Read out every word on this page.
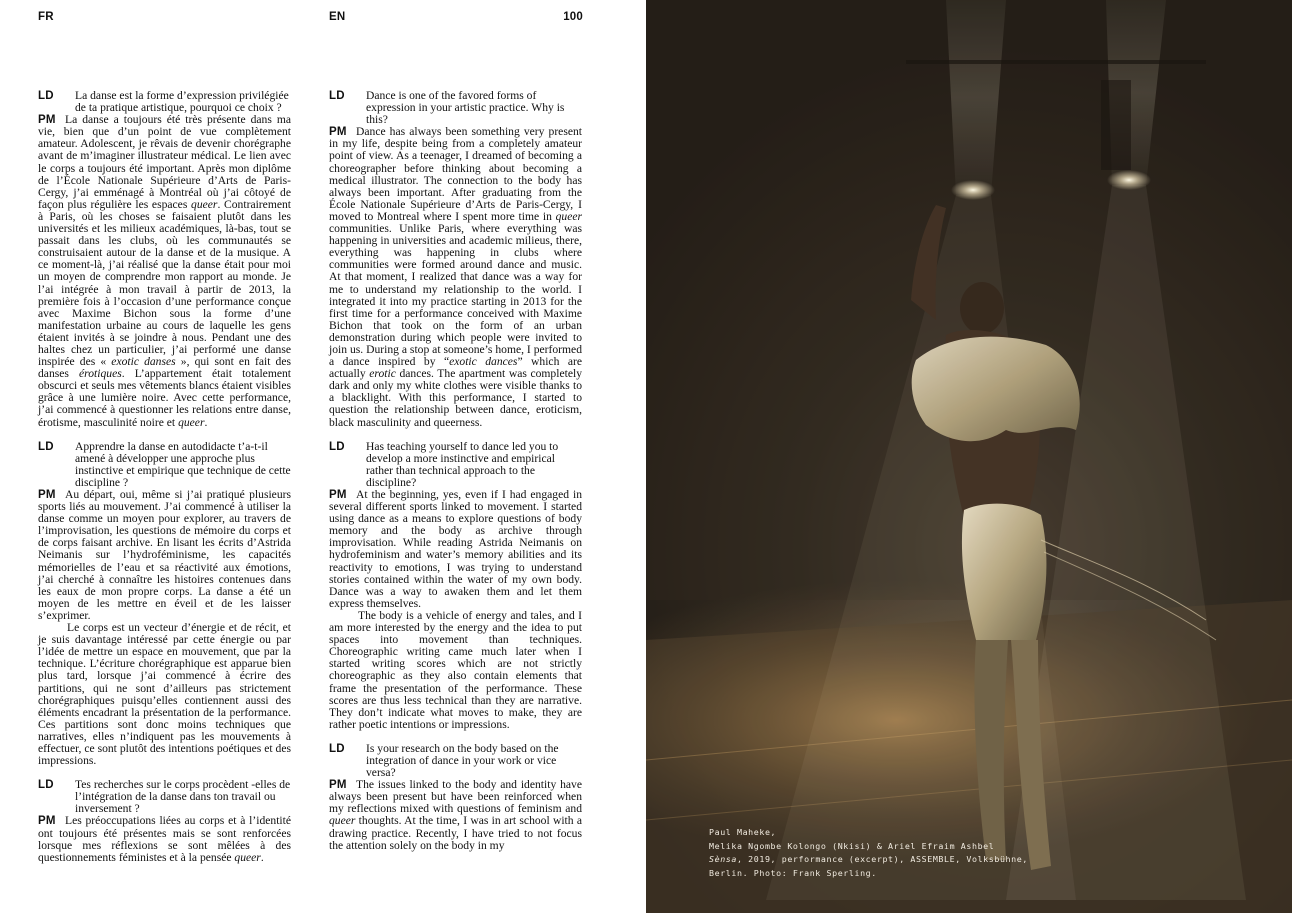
FR	EN	100

LD La danse est la forme d’expression privilégiée de ta pratique artistique, pourquoi ce choix ?

PM La danse a toujours été très présente dans ma vie, bien que d’un point de vue complètement amateur. Adolescent, je rêvais de devenir chorégraphe avant de m’imaginer illustrateur médical. Le lien avec le corps a toujours été important. Après mon diplôme de l’École Nationale Supérieure d’Arts de Paris-Cergy, j’ai emménagé à Montréal où j’ai côtoyé de façon plus régulière les espaces queer. Contrairement à Paris, où les choses se faisaient plutôt dans les universités et les milieux académiques, là-bas, tout se passait dans les clubs, où les communautés se construisaient autour de la danse et de la musique. A ce moment-là, j’ai réalisé que la danse était pour moi un moyen de comprendre mon rapport au monde. Je l’ai intégrée à mon travail à partir de 2013, la première fois à l’occasion d’une performance conçue avec Maxime Bichon sous la forme d’une manifestation urbaine au cours de laquelle les gens étaient invités à se joindre à nous. Pendant une des haltes chez un particulier, j’ai performé une danse inspirée des « exotic danses », qui sont en fait des danses érotiques. L’appartement était totalement obscurci et seuls mes vêtements blancs étaient visibles grâce à une lumière noire. Avec cette performance, j’ai commencé à questionner les relations entre danse, érotisme, masculinité noire et queer.

LD Apprendre la danse en autodidacte t’a-t-il amené à développer une approche plus instinctive et empirique que technique de cette discipline ?

PM Au départ, oui, même si j’ai pratiqué plusieurs sports liés au mouvement. J’ai commencé à utiliser la danse comme un moyen pour explorer, au travers de l’improvisation, les questions de mémoire du corps et de corps faisant archive. En lisant les écrits d’Astrida Neimanis sur l’hydroféminisme, les capacités mémorielles de l’eau et sa réactivité aux émotions, j’ai cherché à connaître les histoires contenues dans les eaux de mon propre corps. La danse a été un moyen de les mettre en éveil et de les laisser s’exprimer.

Le corps est un vecteur d’énergie et de récit, et je suis davantage intéressé par cette énergie ou par l’idée de mettre un espace en mouvement, que par la technique. L’écriture chorégraphique est apparue bien plus tard, lorsque j’ai commencé à écrire des partitions, qui ne sont d’ailleurs pas strictement chorégraphiques puisqu’elles contiennent aussi des éléments encadrant la présentation de la performance. Ces partitions sont donc moins techniques que narratives, elles n’indiquent pas les mouvements à effectuer, ce sont plutôt des intentions poétiques et des impressions.

LD Tes recherches sur le corps procèdent -elles de l’intégration de la danse dans ton travail ou inversement ?

PM Les préoccupations liées au corps et à l’identité ont toujours été présentes mais se sont renforcées lorsque mes réflexions se sont mêlées à des questionnements féministes et à la pensée queer.

LD Dance is one of the favored forms of expression in your artistic practice. Why is this?

PM Dance has always been something very present in my life, despite being from a completely amateur point of view. As a teenager, I dreamed of becoming a choreographer before thinking about becoming a medical illustrator. The connection to the body has always been important. After graduating from the École Nationale Supérieure d’Arts de Paris-Cergy, I moved to Montreal where I spent more time in queer communities. Unlike Paris, where everything was happening in universities and academic milieus, there, everything was happening in clubs where communities were formed around dance and music. At that moment, I realized that dance was a way for me to understand my relationship to the world. I integrated it into my practice starting in 2013 for the first time for a performance conceived with Maxime Bichon that took on the form of an urban demonstration during which people were invited to join us. During a stop at someone’s home, I performed a dance inspired by “exotic dances” which are actually erotic dances. The apartment was completely dark and only my white clothes were visible thanks to a blacklight. With this performance, I started to question the relationship between dance, eroticism, black masculinity and queerness.

LD Has teaching yourself to dance led you to develop a more instinctive and empirical rather than technical approach to the discipline?

PM At the beginning, yes, even if I had engaged in several different sports linked to movement. I started using dance as a means to explore questions of body memory and the body as archive through improvisation. While reading Astrida Neimanis on hydrofeminism and water’s memory abilities and its reactivity to emotions, I was trying to understand stories contained within the water of my own body. Dance was a way to awaken them and let them express themselves.

The body is a vehicle of energy and tales, and I am more interested by the energy and the idea to put spaces into movement than techniques. Choreographic writing came much later when I started writing scores which are not strictly choreographic as they also contain elements that frame the presentation of the performance. These scores are thus less technical than they are narrative. They don’t indicate what moves to make, they are rather poetic intentions or impressions.

LD Is your research on the body based on the integration of dance in your work or vice versa?

PM The issues linked to the body and identity have always been present but have been reinforced when my reflections mixed with questions of feminism and queer thoughts. At the time, I was in art school with a drawing practice. Recently, I have tried to not focus the attention solely on the body in my

Paul Maheke,
Melika Ngombe Kolongo (Nkisi) & Ariel Efraim Ashbel
Sènsa, 2019, performance (excerpt), ASSEMBLE, Volksbühne,
Berlin. Photo: Frank Sperling.
